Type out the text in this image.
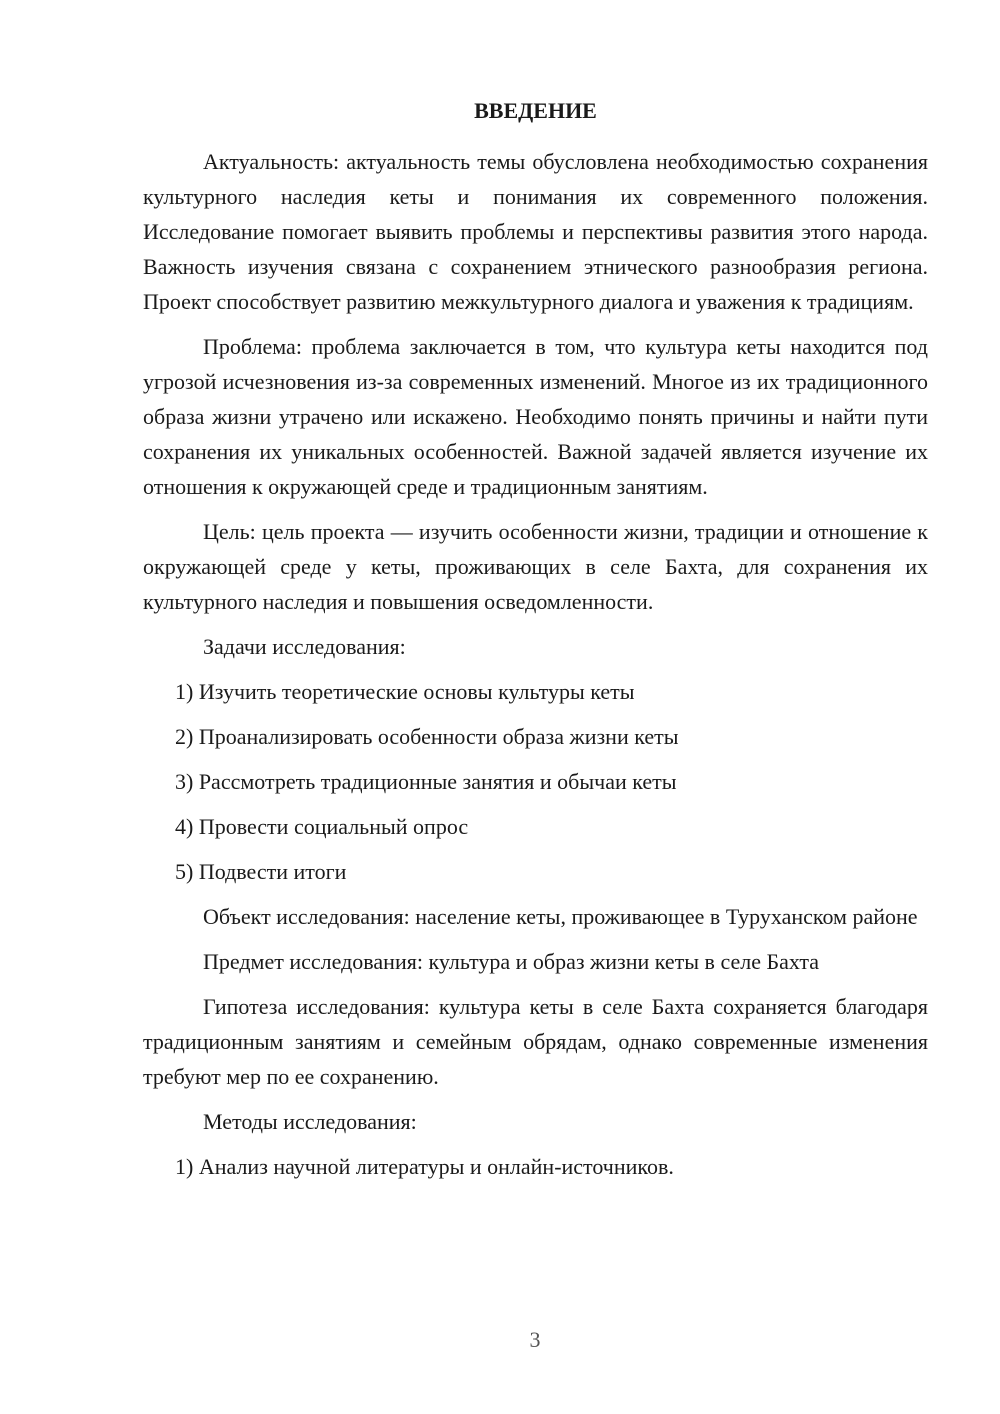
ВВЕДЕНИЕ

Актуальность: актуальность темы обусловлена необходимостью сохранения культурного наследия кеты и понимания их современного положения. Исследование помогает выявить проблемы и перспективы развития этого народа. Важность изучения связана с сохранением этнического разнообразия региона. Проект способствует развитию межкультурного диалога и уважения к традициям.

Проблема: проблема заключается в том, что культура кеты находится под угрозой исчезновения из-за современных изменений. Многое из их традиционного образа жизни утрачено или искажено. Необходимо понять причины и найти пути сохранения их уникальных особенностей. Важной задачей является изучение их отношения к окружающей среде и традиционным занятиям.

Цель: цель проекта — изучить особенности жизни, традиции и отношение к окружающей среде у кеты, проживающих в селе Бахта, для сохранения их культурного наследия и повышения осведомленности.

Задачи исследования:

1) Изучить теоретические основы культуры кеты
2) Проанализировать особенности образа жизни кеты
3) Рассмотреть традиционные занятия и обычаи кеты
4) Провести социальный опрос
5) Подвести итоги

Объект исследования: население кеты, проживающее в Туруханском районе

Предмет исследования: культура и образ жизни кеты в селе Бахта

Гипотеза исследования: культура кеты в селе Бахта сохраняется благодаря традиционным занятиям и семейным обрядам, однако современные изменения требуют мер по ее сохранению.

Методы исследования:

1) Анализ научной литературы и онлайн-источников.
3
